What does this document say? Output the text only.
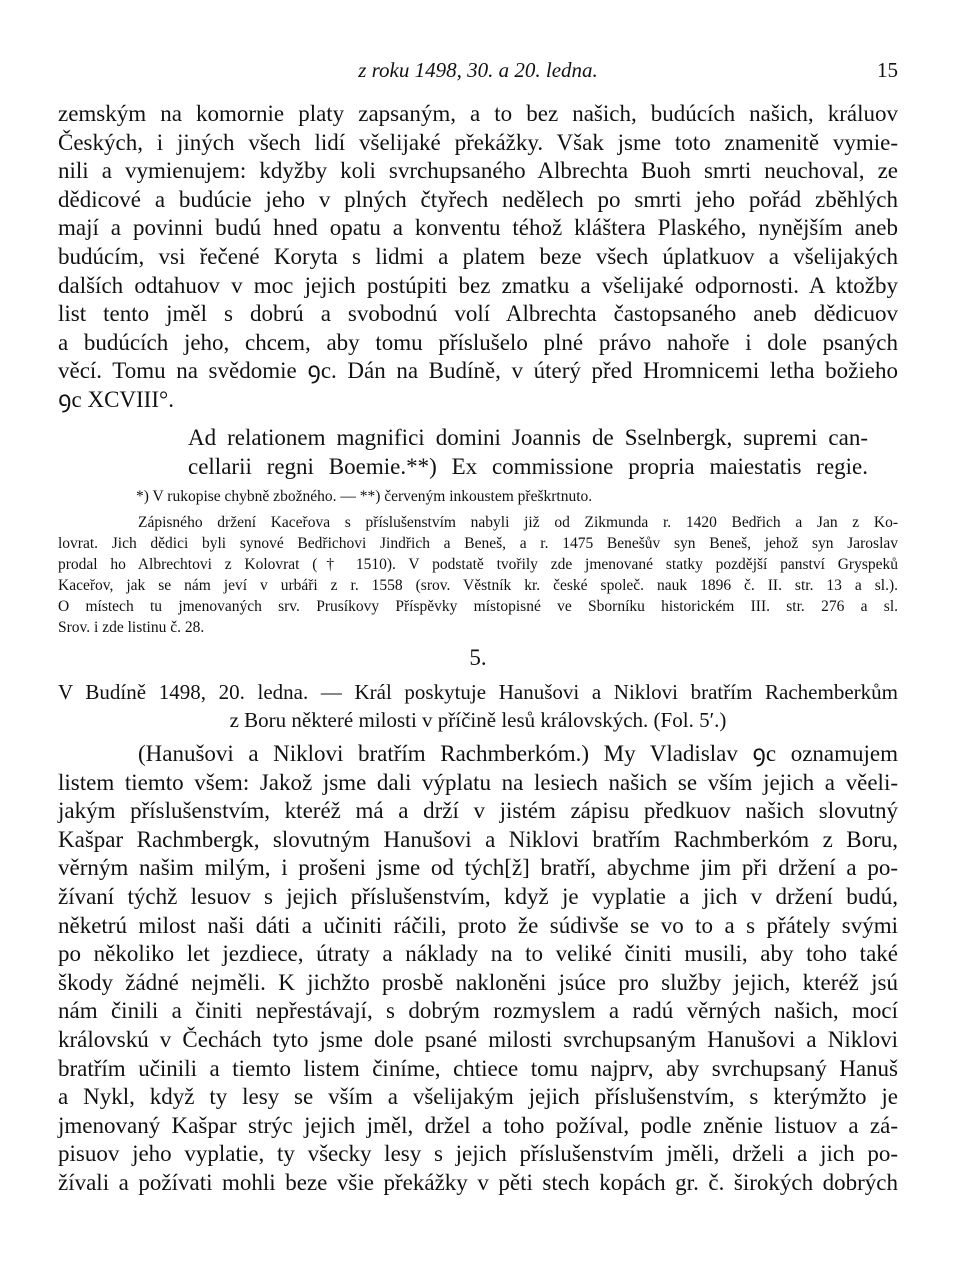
z roku 1498, 30. a 20. ledna.	15
zemským na komornie platy zapsaným, a to bez našich, budúcích našich, králuov
Českých, i jiných všech lidí všelijaké překážky. Však jsme toto znamenitě vymie-
nili a vymienujem: kdyžby koli svrchupsaného Albrechta Buoh smrti neuchoval, ze
dědicové a budúcie jeho v plných čtyřech nedělech po smrti jeho pořád zběhlých
mají a povinni budú hned opatu a konventu téhož kláštera Plaského, nynějším aneb
budúcím, vsi řečené Koryta s lidmi a platem beze všech úplatkuov a všelijakých
dalších odtahuov v moc jejich postúpiti bez zmatku a všelijaké odpornosti. A ktožby
list tento jměl s dobrú a svobodnú volí Albrechta častopsaného aneb dědicuov
a budúcích jeho, chcem, aby tomu příslušelo plné právo nahoře i dole psaných
věcí. Tomu na svědomie ꝯc. Dán na Budíně, v úterý před Hromnicemi letha božieho
ꝯc XCVIII°.
Ad relationem magnifici domini Joannis de Sselnbergk, supremi can-
cellarii regni Boemie.**) Ex commissione propria maiestatis regie.
*) V rukopise chybně zbožného. — **) červeným inkoustem přeškrtnuto.
Zápisného držení Kaceřova s příslušenstvím nabyli již od Zikmunda r. 1420 Bedřich a Jan z Ko-
lovrat. Jich dědici byli synové Bedřichovi Jindřich a Beneš, a r. 1475 Benešův syn Beneš, jehož syn Jaroslav
prodal ho Albrechtovi z Kolovrat († 1510). V podstatě tvořily zde jmenované statky pozdější panství Gryspeků
Kaceřov, jak se nám jeví v urbáři z r. 1558 (srov. Věstník kr. české společ. nauk 1896 č. II. str. 13 a sl.).
O místech tu jmenovaných srv. Prusíkovy Příspěvky místopisné ve Sborníku historickém III. str. 276 a sl.
Srov. i zde listinu č. 28.
5.
V Budíně 1498, 20. ledna. — Král poskytuje Hanušovi a Niklovi bratřím Rachemberkům
z Boru některé milosti v příčině lesů královských. (Fol. 5′.)
(Hanušovi a Niklovi bratřím Rachmberkóm.) My Vladislav ꝯc oznamujem
listem tiemto všem: Jakož jsme dali výplatu na lesiech našich se vším jejich a věeli-
jakým příslušenstvím, kteréž má a drží v jistém zápisu předkuov našich slovutný
Kašpar Rachmbergk, slovutným Hanušovi a Niklovi bratřím Rachmberkóm z Boru,
věrným našim milým, i prošeni jsme od tých[ž] bratří, abychme jim při držení a po-
žívaní týchž lesuov s jejich příslušenstvím, když je vyplatie a jich v držení budú,
něketrú milost naši dáti a učiniti ráčili, proto že súdivše se vo to a s přátely svými
po několiko let jezdiece, útraty a náklady na to veliké činiti musili, aby toho také
škody žádné nejměli. K jichžto prosbě nakloněni jsúce pro služby jejich, kteréž jsú
nám činili a činiti nepřestávají, s dobrým rozmyslem a radú věrných našich, mocí
královskú v Čechách tyto jsme dole psané milosti svrchupsaným Hanušovi a Niklovi
bratřím učinili a tiemto listem činíme, chtiece tomu najprv, aby svrchupsaný Hanuš
a Nykl, když ty lesy se vším a všelijakým jejich příslušenstvím, s kterýmžto je
jmenovaný Kašpar strýc jejich jměl, držel a toho požíval, podle zněnie listuov a zá-
pisuov jeho vyplatie, ty všecky lesy s jejich příslušenstvím jměli, drželi a jich po-
žívali a požívati mohli beze všie překážky v pěti stech kopách gr. č. širokých dobrých
